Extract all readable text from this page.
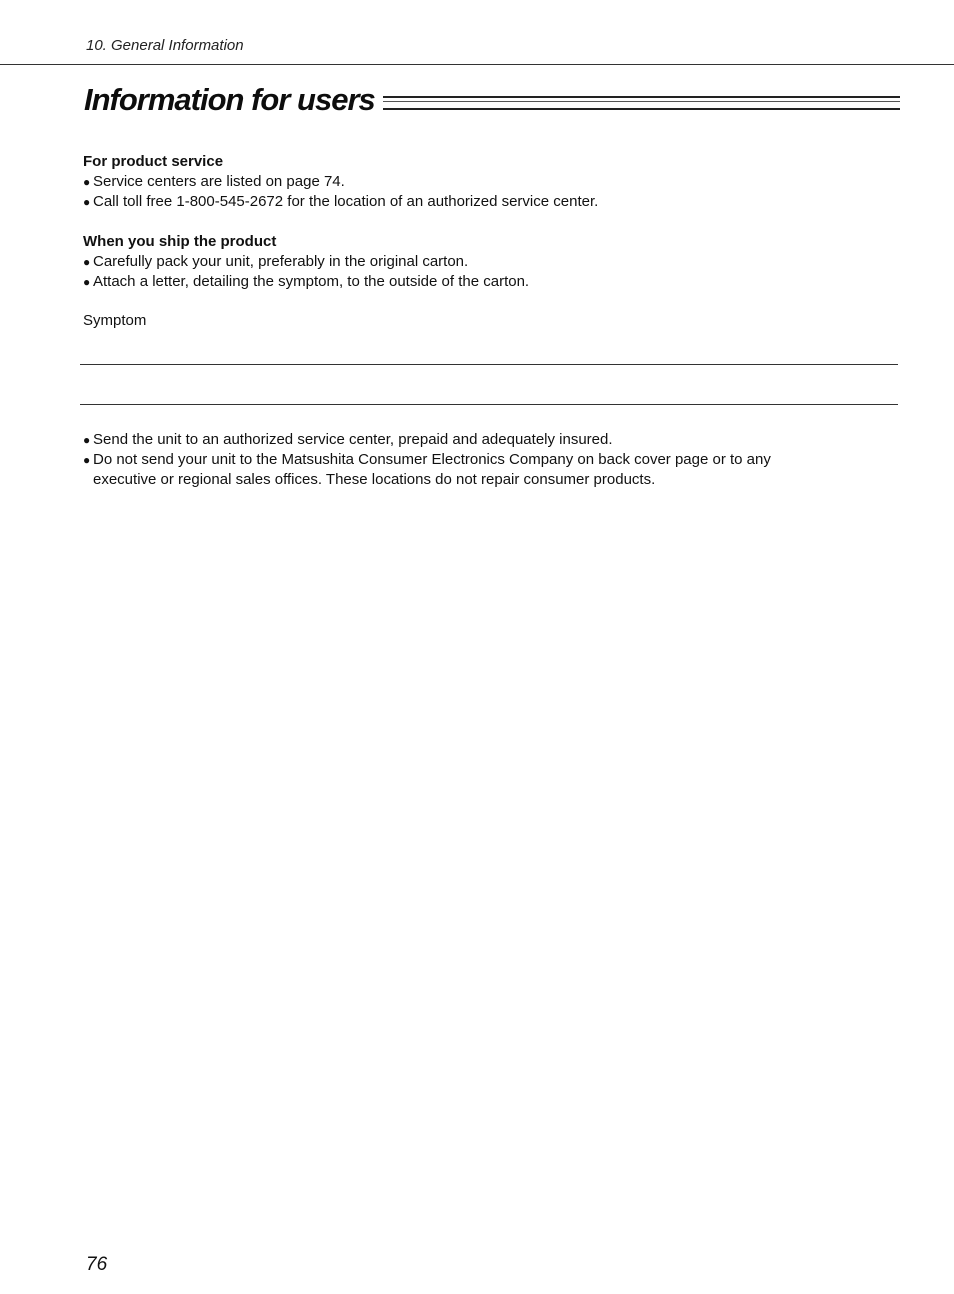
10. General Information
Information for users

For product service

● Service centers are listed on page 74.

● Call toll free 1-800-545-2672 for the location of an authorized service center.

When you ship the product

● Carefully pack your unit, preferably in the original carton.

● Attach a letter, detailing the symptom, to the outside of the carton.

Symptom

● Send the unit to an authorized service center, prepaid and adequately insured.

● Do not send your unit to the Matsushita Consumer Electronics Company on back cover page or to any

executive or regional sales offices. These locations do not repair consumer products.

76
